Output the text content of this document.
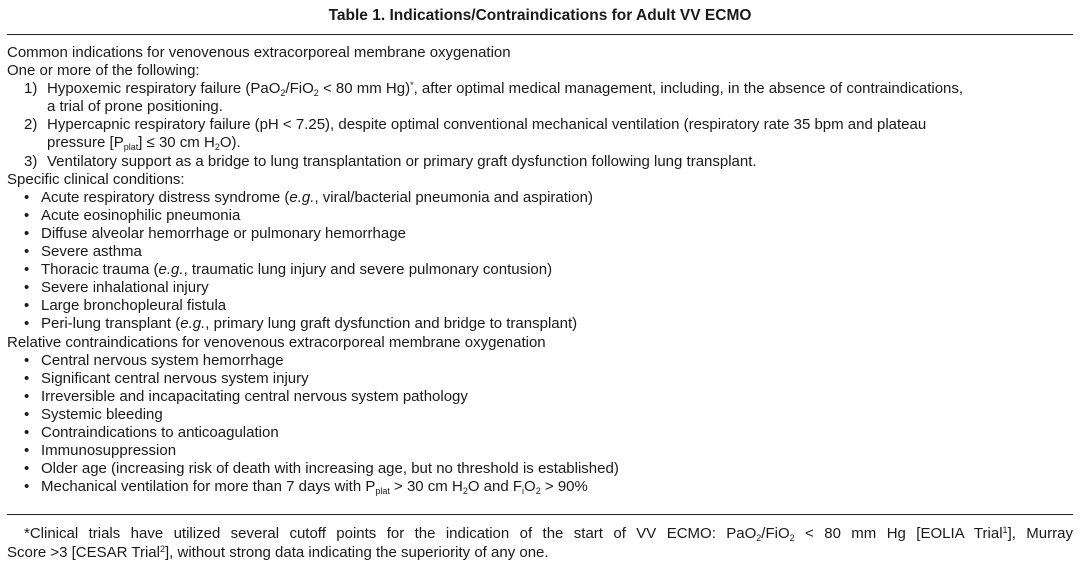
Table 1. Indications/Contraindications for Adult VV ECMO
Common indications for venovenous extracorporeal membrane oxygenation
One or more of the following:
1) Hypoxemic respiratory failure (PaO$_2$/FiO$_2$ < 80 mm Hg)*, after optimal medical management, including, in the absence of contraindications,
a trial of prone positioning.
2) Hypercapnic respiratory failure (pH < 7.25), despite optimal conventional mechanical ventilation (respiratory rate 35 bpm and plateau
pressure $[P_{plat}] \le 30$ cm $H_2O$).
3) Ventilatory support as a bridge to lung transplantation or primary graft dysfunction following lung transplant.
Specific clinical conditions:
• Acute respiratory distress syndrome (e.g., viral/bacterial pneumonia and aspiration)
• Acute eosinophilic pneumonia
• Diffuse alveolar hemorrhage or pulmonary hemorrhage
• Severe asthma
• Thoracic trauma (e.g., traumatic lung injury and severe pulmonary contusion)
• Severe inhalational injury
• Large bronchopleural fistula
• Peri-lung transplant (e.g., primary lung graft dysfunction and bridge to transplant)
Relative contraindications for venovenous extracorporeal membrane oxygenation
• Central nervous system hemorrhage
• Significant central nervous system injury
• Irreversible and incapacitating central nervous system pathology
• Systemic bleeding
• Contraindications to anticoagulation
• Immunosuppression
• Older age (increasing risk of death with increasing age, but no threshold is established)
• Mechanical ventilation for more than 7 days with $P_{plat} > 30$ cm $H_2O$ and $F_iO_2 > 90\%$

*Clinical trials have utilized several cutoff points for the indication of the start of VV ECMO: PaO$_2$/FiO$_2$ < 80 mm Hg [EOLIA Trial$^1$], Murray

Score >3 [CESAR Trial$^2$], without strong data indicating the superiority of any one.
